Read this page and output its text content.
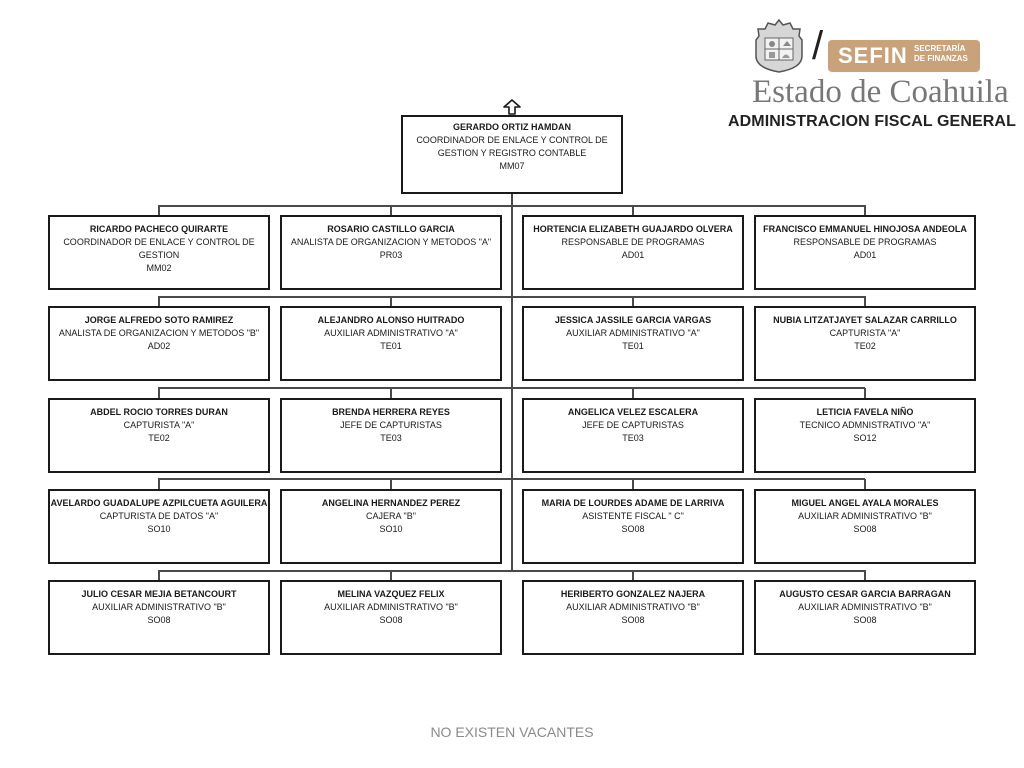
/ SEFIN SECRETARÍA DE FINANZAS
Estado de Coahuila
ADMINISTRACION FISCAL GENERAL
GERARDO ORTIZ HAMDAN
COORDINADOR DE ENLACE Y CONTROL DE GESTION Y REGISTRO CONTABLE
MM07
RICARDO PACHECO QUIRARTE
COORDINADOR DE ENLACE Y CONTROL DE GESTION
MM02
ROSARIO CASTILLO GARCIA
ANALISTA DE ORGANIZACION Y METODOS "A"
PR03
HORTENCIA ELIZABETH GUAJARDO OLVERA
RESPONSABLE DE PROGRAMAS
AD01
FRANCISCO EMMANUEL HINOJOSA ANDEOLA
RESPONSABLE DE PROGRAMAS
AD01
JORGE ALFREDO SOTO RAMIREZ
ANALISTA DE ORGANIZACION Y METODOS "B"
AD02
ALEJANDRO ALONSO HUITRADO
AUXILIAR ADMINISTRATIVO "A"
TE01
JESSICA JASSILE GARCIA VARGAS
AUXILIAR ADMINISTRATIVO "A"
TE01
NUBIA LITZATJAYET SALAZAR CARRILLO
CAPTURISTA "A"
TE02
ABDEL ROCIO TORRES DURAN
CAPTURISTA "A"
TE02
BRENDA HERRERA REYES
JEFE DE CAPTURISTAS
TE03
ANGELICA VELEZ ESCALERA
JEFE DE CAPTURISTAS
TE03
LETICIA FAVELA NIÑO
TECNICO ADMNISTRATIVO "A"
SO12
AVELARDO GUADALUPE AZPILCUETA AGUILERA
CAPTURISTA DE DATOS "A"
SO10
ANGELINA HERNANDEZ PEREZ
CAJERA "B"
SO10
MARIA DE LOURDES ADAME DE LARRIVA
ASISTENTE FISCAL " C"
SO08
MIGUEL ANGEL AYALA MORALES
AUXILIAR ADMINISTRATIVO "B"
SO08
JULIO CESAR MEJIA BETANCOURT
AUXILIAR ADMINISTRATIVO "B"
SO08
MELINA VAZQUEZ FELIX
AUXILIAR ADMINISTRATIVO "B"
SO08
HERIBERTO GONZALEZ NAJERA
AUXILIAR ADMINISTRATIVO "B"
SO08
AUGUSTO CESAR GARCIA BARRAGAN
AUXILIAR ADMINISTRATIVO "B"
SO08
NO EXISTEN VACANTES
